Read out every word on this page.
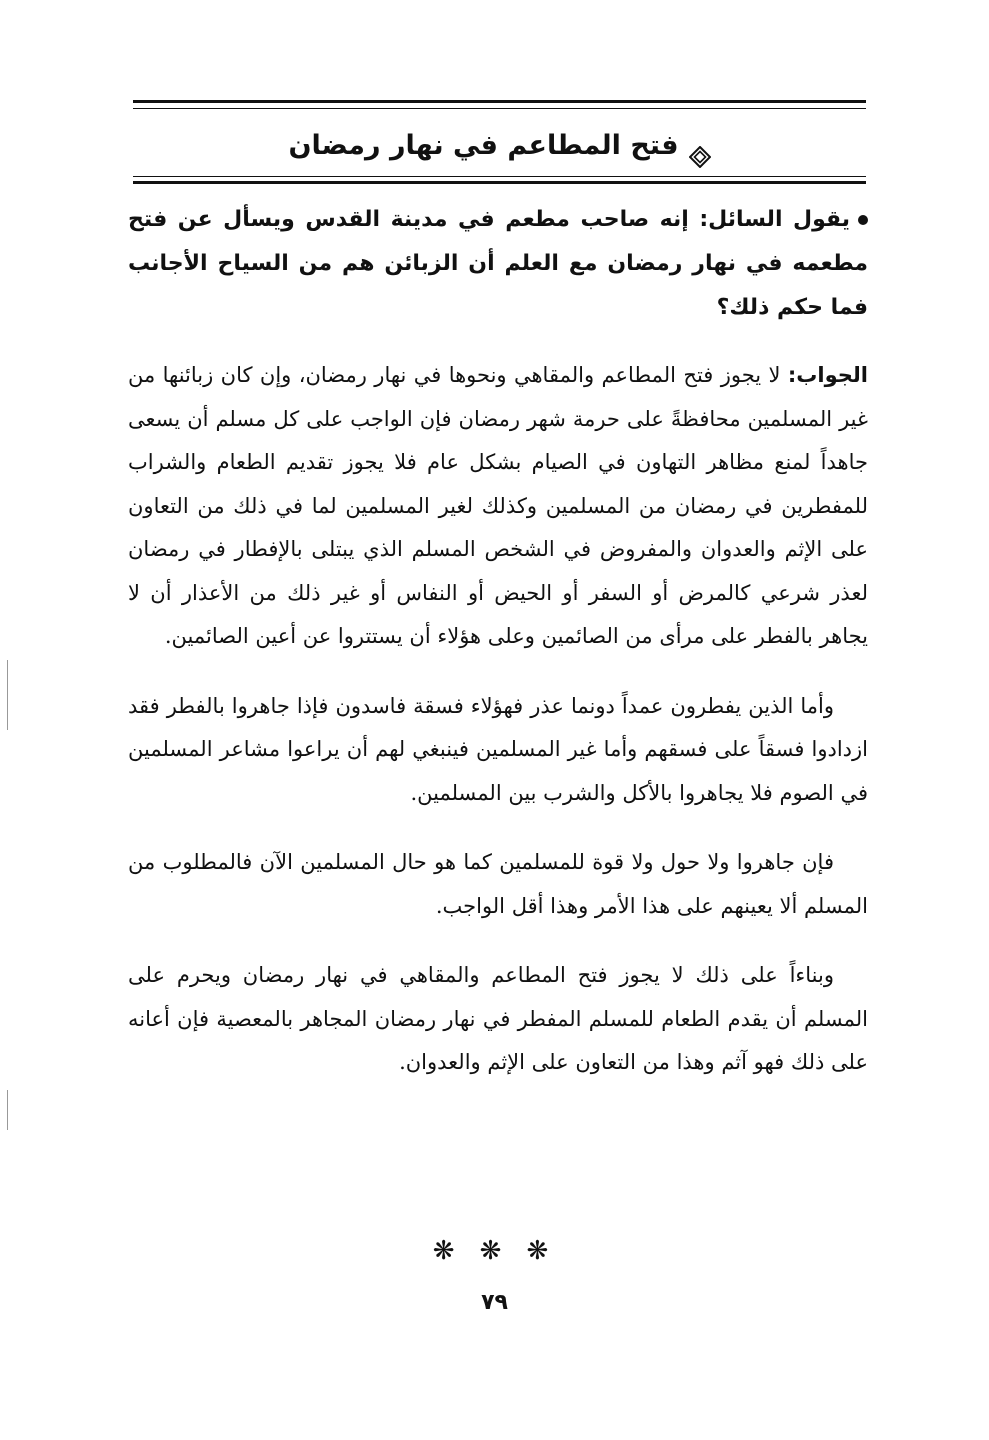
فتح المطاعم في نهار رمضان

يقول السائل: إنه صاحب مطعم في مدينة القدس ويسأل عن فتح مطعمه في نهار رمضان مع العلم أن الزبائن هم من السياح الأجانب فما حكم ذلك؟

الجواب: لا يجوز فتح المطاعم والمقاهي ونحوها في نهار رمضان، وإن كان زبائنها من غير المسلمين محافظةً على حرمة شهر رمضان فإن الواجب على كل مسلم أن يسعى جاهداً لمنع مظاهر التهاون في الصيام بشكل عام فلا يجوز تقديم الطعام والشراب للمفطرين في رمضان من المسلمين وكذلك لغير المسلمين لما في ذلك من التعاون على الإثم والعدوان والمفروض في الشخص المسلم الذي يبتلى بالإفطار في رمضان لعذر شرعي كالمرض أو السفر أو الحيض أو النفاس أو غير ذلك من الأعذار أن لا يجاهر بالفطر على مرأى من الصائمين وعلى هؤلاء أن يستتروا عن أعين الصائمين.

وأما الذين يفطرون عمداً دونما عذر فهؤلاء فسقة فاسدون فإذا جاهروا بالفطر فقد ازدادوا فسقاً على فسقهم وأما غير المسلمين فينبغي لهم أن يراعوا مشاعر المسلمين في الصوم فلا يجاهروا بالأكل والشرب بين المسلمين.

فإن جاهروا ولا حول ولا قوة للمسلمين كما هو حال المسلمين الآن فالمطلوب من المسلم ألا يعينهم على هذا الأمر وهذا أقل الواجب.

وبناءاً على ذلك لا يجوز فتح المطاعم والمقاهي في نهار رمضان ويحرم على المسلم أن يقدم الطعام للمسلم المفطر في نهار رمضان المجاهر بالمعصية فإن أعانه على ذلك فهو آثم وهذا من التعاون على الإثم والعدوان.

❋ ❋ ❋
٧٩
